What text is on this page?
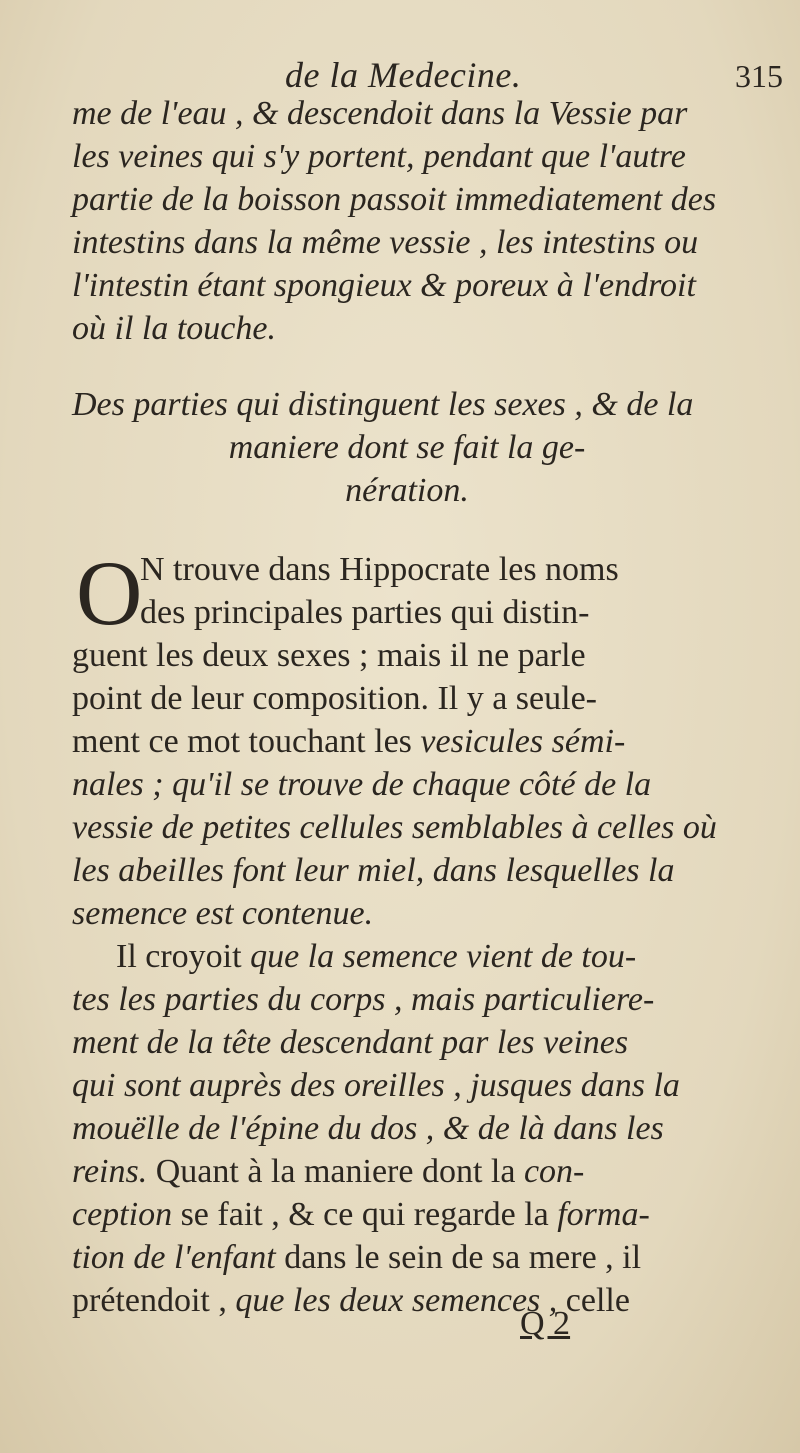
de la Medecine.	315
me de l'eau , & descendoit dans la Vessie par
les veines qui s'y portent, pendant que l'autre
partie de la boisson passoit immediatement des
intestins dans la même vessie , les intestins ou
l'intestin étant spongieux & poreux à l'endroit
où il la touche.
Des parties qui distinguent les sexes , & de la
maniere dont se fait la ge-
nération.
O
N trouve dans Hippocrate les noms
des principales parties qui distin-
guent les deux sexes ; mais il ne parle
point de leur composition. Il y a seule-
ment ce mot touchant les vesicules sémi-
nales ; qu'il se trouve de chaque côté de la
vessie de petites cellules semblables à celles où
les abeilles font leur miel, dans lesquelles la
semence est contenue.
Il croyoit que la semence vient de tou-
tes les parties du corps , mais particuliere-
ment de la tête descendant par les veines
qui sont auprès des oreilles , jusques dans la
mouëlle de l'épine du dos , & de là dans les
reins. Quant à la maniere dont la con-
ception se fait , & ce qui regarde la forma-
tion de l'enfant dans le sein de sa mere , il
prétendoit , que les deux semences , celle
Q 2
